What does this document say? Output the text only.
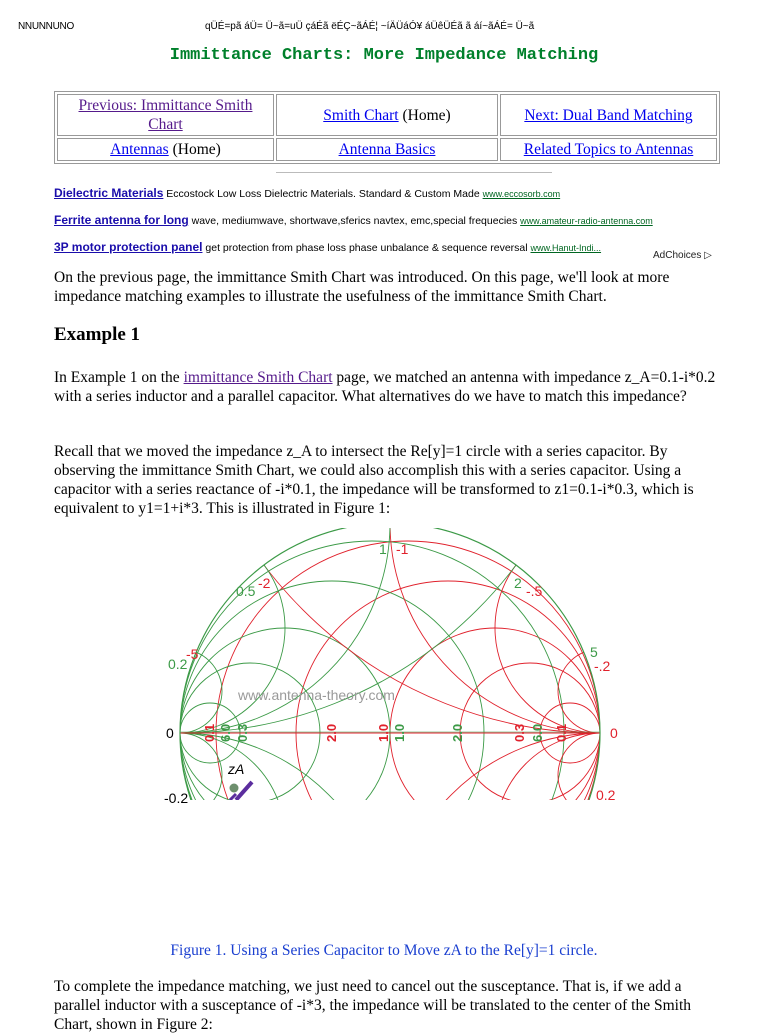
NNUNNUNO	qÜÉ=pã áÜ= Ü~ã=uÜ çáÉã ëÉÇ~ãÁÉ¦ ~íÄÜáÓ¥ áÜêÜÉã ã áí~ãÁÉ= Ü~ã
Immittance Charts: More Impedance Matching
Previous: Immittance Smith Chart	Smith Chart (Home)	Next: Dual Band Matching
Antennas (Home)	Antenna Basics	Related Topics to Antennas
Dielectric Materials Eccostock Low Loss Dielectric Materials. Standard & Custom Made www.eccosorb.com
Ferrite antenna for long wave, mediumwave, shortwave,sferics navtex, emc,special frequecies www.amateur-radio-antenna.com
3P motor protection panel get protection from phase loss phase unbalance & sequence reversal www.Hanut-Indi...
AdChoices ▷
On the previous page, the immittance Smith Chart was introduced. On this page, we'll look at more impedance matching examples to illustrate the usefulness of the immittance Smith Chart.
Example 1
In Example 1 on the immittance Smith Chart page, we matched an antenna with impedance z_A=0.1-i*0.2 with a series inductor and a parallel capacitor. What alternatives do we have to match this impedance?
Recall that we moved the impedance z_A to intersect the Re[y]=1 circle with a series capacitor. By observing the immittance Smith Chart, we could also accomplish this with a series capacitor. Using a capacitor with a series reactance of -i*0.1, the impedance will be transformed to z1=0.1-i*0.3, which is equivalent to y1=1+i*3. This is illustrated in Figure 1:
www.antenna-theory.com
1 -1
0.5 -2	2 -.5
0.2
-5	5
-.2
0	0
-0.2	0.2
zA
0.1 6.0 0.3	2.0	1.0 1.0	2.0	0.3 6.0 0.1
Figure 1. Using a Series Capacitor to Move zA to the Re[y]=1 circle.
To complete the impedance matching, we just need to cancel out the susceptance. That is, if we add a parallel inductor with a susceptance of -i*3, the impedance will be translated to the center of the Smith Chart, shown in Figure 2:
